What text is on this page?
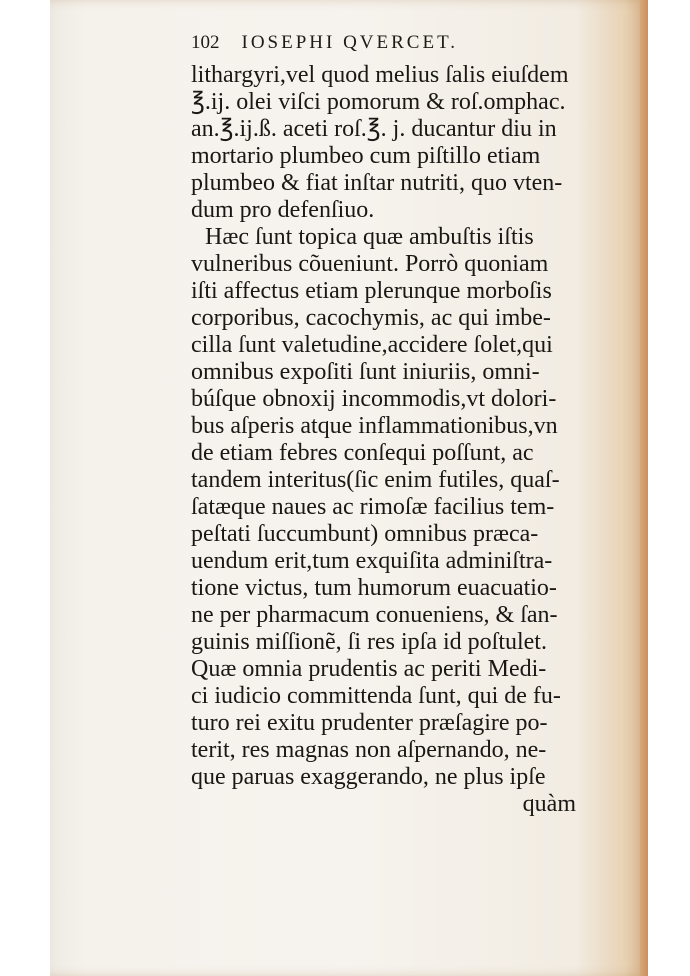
102 IOSEPHI QVERCET.
lithargyri,vel quod melius ſalis eiuſdem
℥.ij. olei viſci pomorum & roſ.omphac.
an.℥.ij.ß. aceti roſ.℥. j. ducantur diu in
mortario plumbeo cum piſtillo etiam
plumbeo & fiat inſtar nutriti, quo vten-
dum pro defenſiuo.
Hæc ſunt topica quæ ambuſtis iſtis
vulneribus cõueniunt. Porrò quoniam
iſti affectus etiam plerunque morboſis
corporibus, cacochymis, ac qui imbe-
cilla ſunt valetudine,accidere ſolet,qui
omnibus expoſiti ſunt iniuriis, omni-
búſque obnoxij incommodis,vt dolori-
bus aſperis atque inflammationibus,vn
de etiam febres conſequi poſſunt, ac
tandem interitus(ſic enim futiles, quaſ-
ſatæque naues ac rimoſæ facilius tem-
peſtati ſuccumbunt) omnibus præca-
uendum erit,tum exquiſita adminiſtra-
tione victus, tum humorum euacuatio-
ne per pharmacum conueniens, & ſan-
guinis miſſionẽ, ſi res ipſa id poſtulet.
Quæ omnia prudentis ac periti Medi-
ci iudicio committenda ſunt, qui de fu-
turo rei exitu prudenter præſagire po-
terit, res magnas non aſpernando, ne-
que paruas exaggerando, ne plus ipſe
quàm
